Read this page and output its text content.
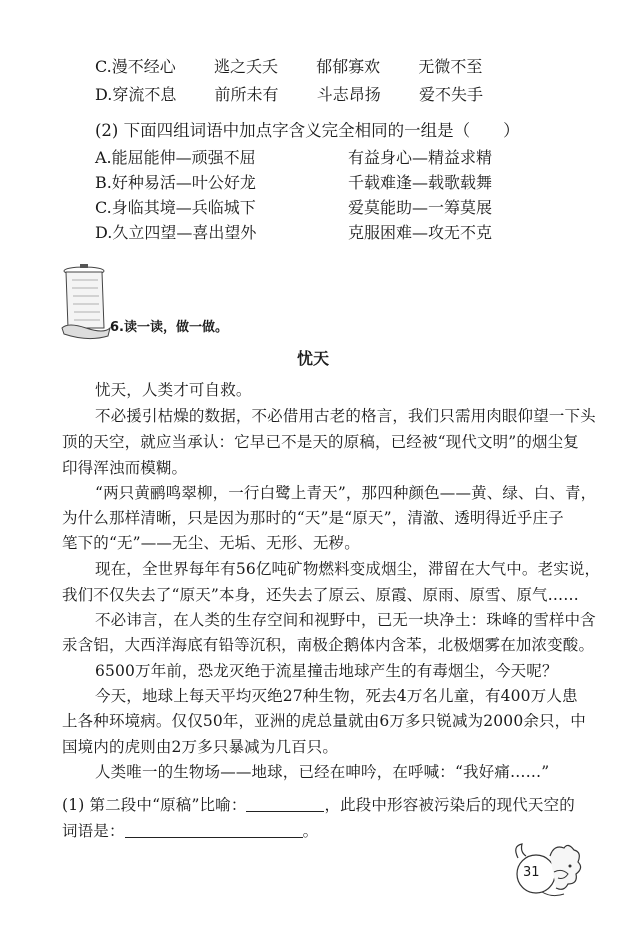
C.漫不经心 逃之夭夭 郁郁寡欢 无微不至
D.穿流不息 前所未有 斗志昂扬 爱不失手
(2) 下面四组词语中加点字含义完全相同的一组是（　　）
A.能屈能伸—顽强不屈	有益身心—精益求精
B.好种易活—叶公好龙	千载难逢—载歌载舞
C.身临其境—兵临城下	爱莫能助—一筹莫展
D.久立四望—喜出望外	克服困难—攻无不克
6.读一读，做一做。
忧天
忧天，人类才可自救。
不必援引枯燥的数据，不必借用古老的格言，我们只需用肉眼仰望一下头
顶的天空，就应当承认：它早已不是天的原稿，已经被“现代文明”的烟尘复
印得浑浊而模糊。
“两只黄鹂鸣翠柳，一行白鹭上青天”，那四种颜色——黄、绿、白、青，
为什么那样清晰，只是因为那时的“天”是“原天”，清澈、透明得近乎庄子
笔下的“无”——无尘、无垢、无形、无秽。
现在，全世界每年有56亿吨矿物燃料变成烟尘，滞留在大气中。老实说，
我们不仅失去了“原天”本身，还失去了原云、原霞、原雨、原雪、原气……
不必讳言，在人类的生存空间和视野中，已无一块净土：珠峰的雪样中含
汞含铝，大西洋海底有铅等沉积，南极企鹅体内含苯，北极烟雾在加浓变酸。
6500万年前，恐龙灭绝于流星撞击地球产生的有毒烟尘，今天呢？
今天，地球上每天平均灭绝27种生物，死去4万名儿童，有400万人患
上各种环境病。仅仅50年，亚洲的虎总量就由6万多只锐减为2000余只，中
国境内的虎则由2万多只暴减为几百只。
人类唯一的生物场——地球，已经在呻吟，在呼喊：“我好痛……”
(1) 第二段中“原稿”比喻：	，此段中形容被污染后的现代天空的
词语是：	。
31
